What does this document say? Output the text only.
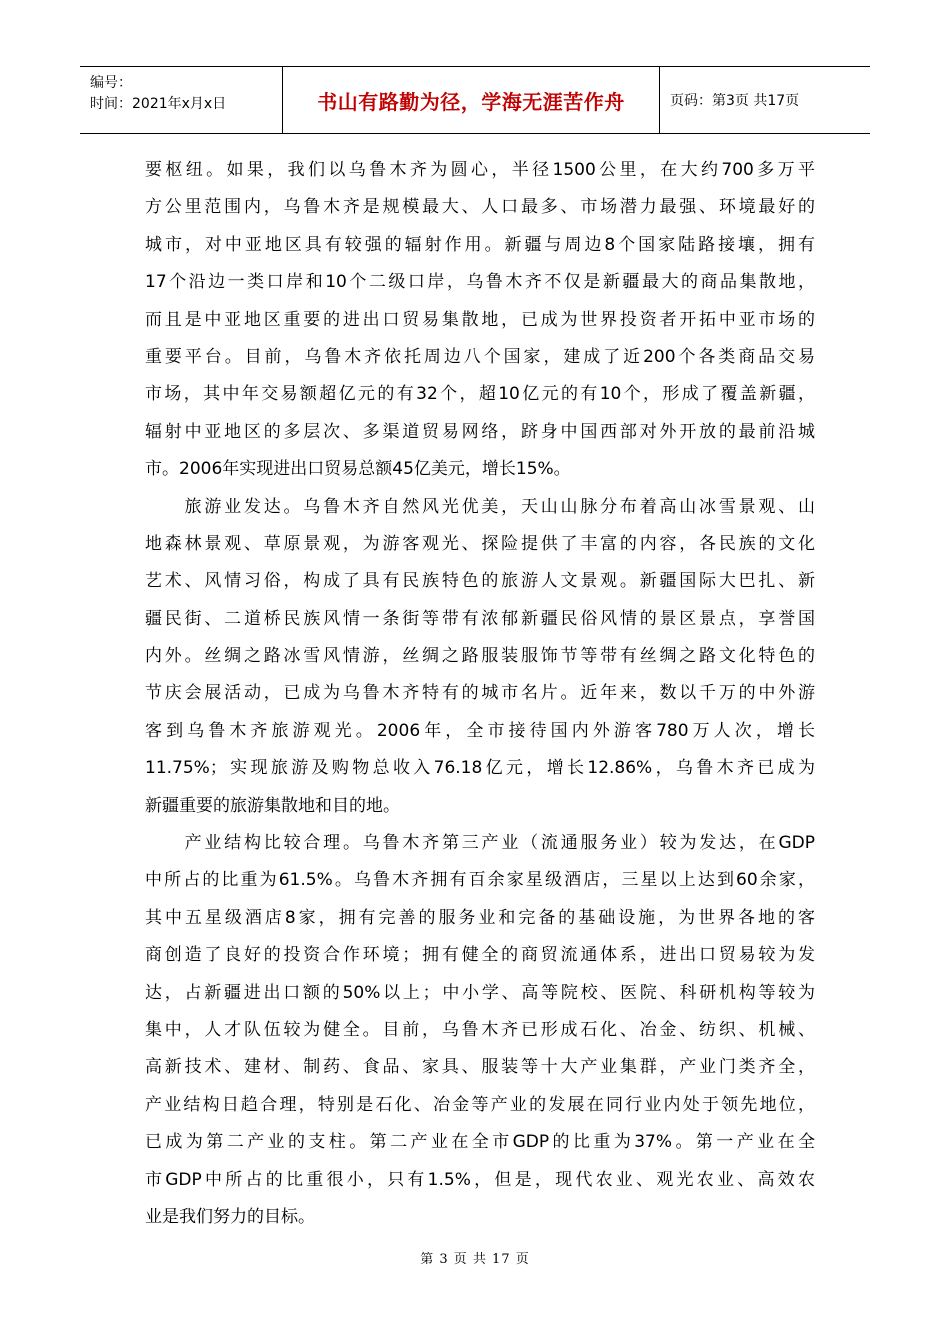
编号：
时间：2021年x月x日	书山有路勤为径，学海无涯苦作舟	页码：第3页 共17页
要枢纽。如果，我们以乌鲁木齐为圆心，半径1500公里，在大约700多万平
方公里范围内，乌鲁木齐是规模最大、人口最多、市场潜力最强、环境最好的
城市，对中亚地区具有较强的辐射作用。新疆与周边8个国家陆路接壤，拥有
17个沿边一类口岸和10个二级口岸，乌鲁木齐不仅是新疆最大的商品集散地，
而且是中亚地区重要的进出口贸易集散地，已成为世界投资者开拓中亚市场的
重要平台。目前，乌鲁木齐依托周边八个国家，建成了近200个各类商品交易
市场，其中年交易额超亿元的有32个，超10亿元的有10个，形成了覆盖新疆，
辐射中亚地区的多层次、多渠道贸易网络，跻身中国西部对外开放的最前沿城
市。2006年实现进出口贸易总额45亿美元，增长15%。
　　旅游业发达。乌鲁木齐自然风光优美，天山山脉分布着高山冰雪景观、山
地森林景观、草原景观，为游客观光、探险提供了丰富的内容，各民族的文化
艺术、风情习俗，构成了具有民族特色的旅游人文景观。新疆国际大巴扎、新
疆民街、二道桥民族风情一条街等带有浓郁新疆民俗风情的景区景点，享誉国
内外。丝绸之路冰雪风情游，丝绸之路服装服饰节等带有丝绸之路文化特色的
节庆会展活动，已成为乌鲁木齐特有的城市名片。近年来，数以千万的中外游
客到乌鲁木齐旅游观光。2006年，全市接待国内外游客780万人次，增长
11.75%；实现旅游及购物总收入76.18亿元，增长12.86%，乌鲁木齐已成为
新疆重要的旅游集散地和目的地。
　　产业结构比较合理。乌鲁木齐第三产业（流通服务业）较为发达，在GDP
中所占的比重为61.5%。乌鲁木齐拥有百余家星级酒店，三星以上达到60余家，
其中五星级酒店8家，拥有完善的服务业和完备的基础设施，为世界各地的客
商创造了良好的投资合作环境；拥有健全的商贸流通体系，进出口贸易较为发
达，占新疆进出口额的50%以上；中小学、高等院校、医院、科研机构等较为
集中，人才队伍较为健全。目前，乌鲁木齐已形成石化、冶金、纺织、机械、
高新技术、建材、制药、食品、家具、服装等十大产业集群，产业门类齐全，
产业结构日趋合理，特别是石化、冶金等产业的发展在同行业内处于领先地位，
已成为第二产业的支柱。第二产业在全市GDP的比重为37%。第一产业在全
市GDP中所占的比重很小，只有1.5%，但是，现代农业、观光农业、高效农
业是我们努力的目标。
第 3 页 共 17 页
